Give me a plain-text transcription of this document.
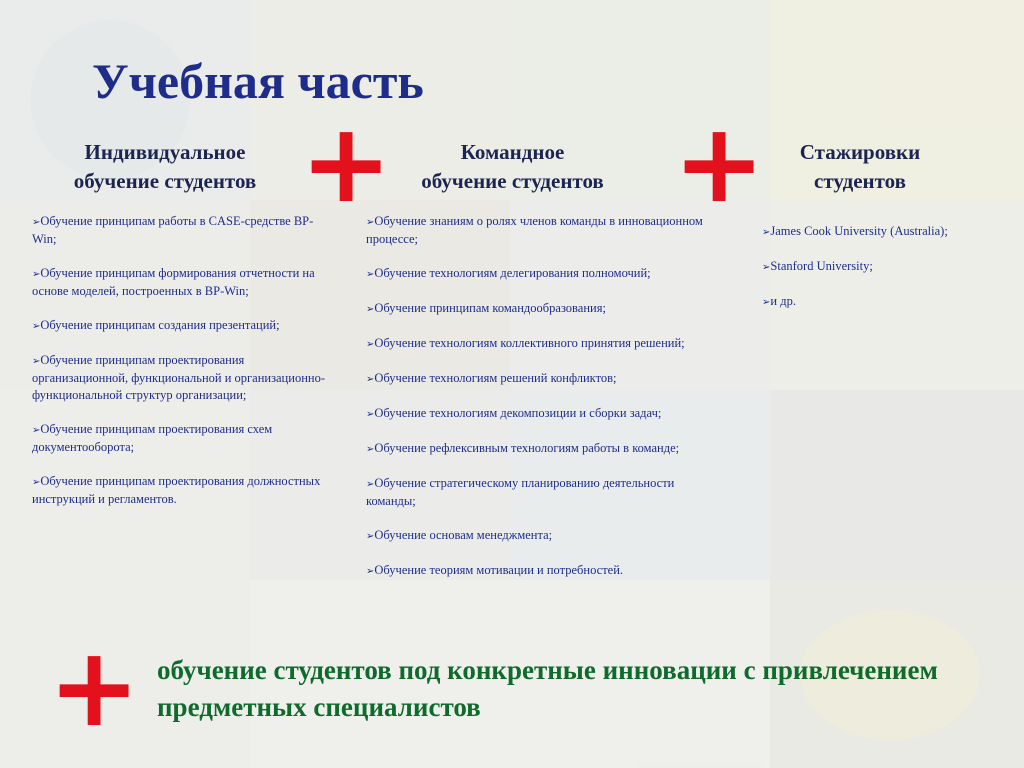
Учебная часть
Индивидуальное
обучение студентов
Командное
обучение студентов
Стажировки
студентов
+	+
+
➢ Обучение принципам работы в CASE-средстве BP-Win;
➢ Обучение принципам формирования отчетности на основе моделей, построенных в BP-Win;
➢ Обучение принципам создания презентаций;
➢ Обучение принципам проектирования организационной, функциональной и организационно-функциональной структур организации;
➢ Обучение принципам проектирования схем документооборота;
➢ Обучение принципам проектирования должностных инструкций и регламентов.
➢ Обучение знаниям о ролях членов команды в инновационном процессе;
➢ Обучение технологиям делегирования полномочий;
➢ Обучение принципам командообразования;
➢ Обучение технологиям коллективного принятия решений;
➢ Обучение технологиям решений конфликтов;
➢ Обучение технологиям декомпозиции и сборки задач;
➢ Обучение рефлексивным технологиям работы в команде;
➢ Обучение стратегическому планированию деятельности команды;
➢ Обучение основам менеджмента;
➢ Обучение теориям мотивации и потребностей.
➢ James Cook University (Australia);
➢ Stanford University;
➢ и др.
обучение студентов под конкретные инновации с привлечением предметных специалистов
